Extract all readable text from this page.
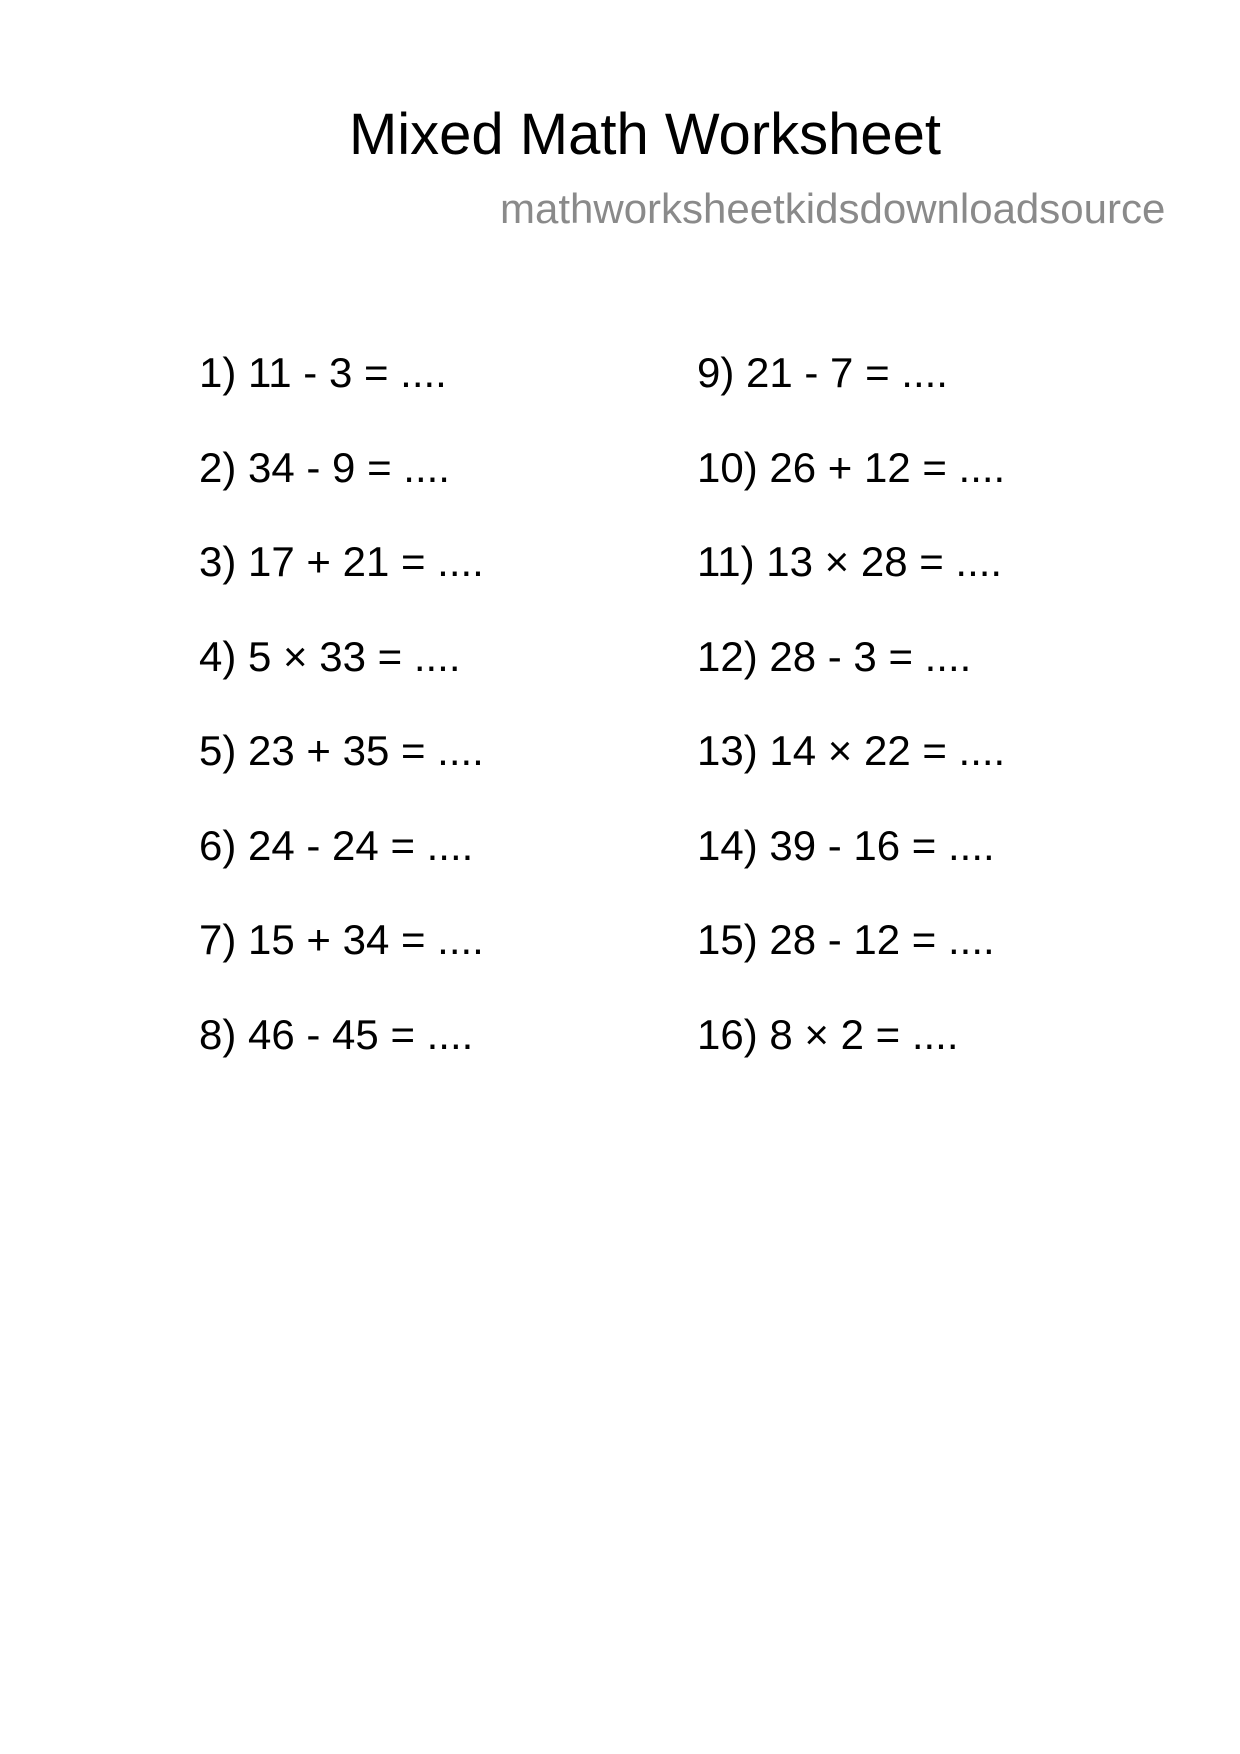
Mixed Math Worksheet
mathworksheetkidsdownloadsource
1) 11 - 3 = ....
2) 34 - 9 = ....
3) 17 + 21 = ....
4) 5 × 33 = ....
5) 23 + 35 = ....
6) 24 - 24 = ....
7) 15 + 34 = ....
8) 46 - 45 = ....
9) 21 - 7 = ....
10) 26 + 12 = ....
11) 13 × 28 = ....
12) 28 - 3 = ....
13) 14 × 22 = ....
14) 39 - 16 = ....
15) 28 - 12 = ....
16) 8 × 2 = ....
